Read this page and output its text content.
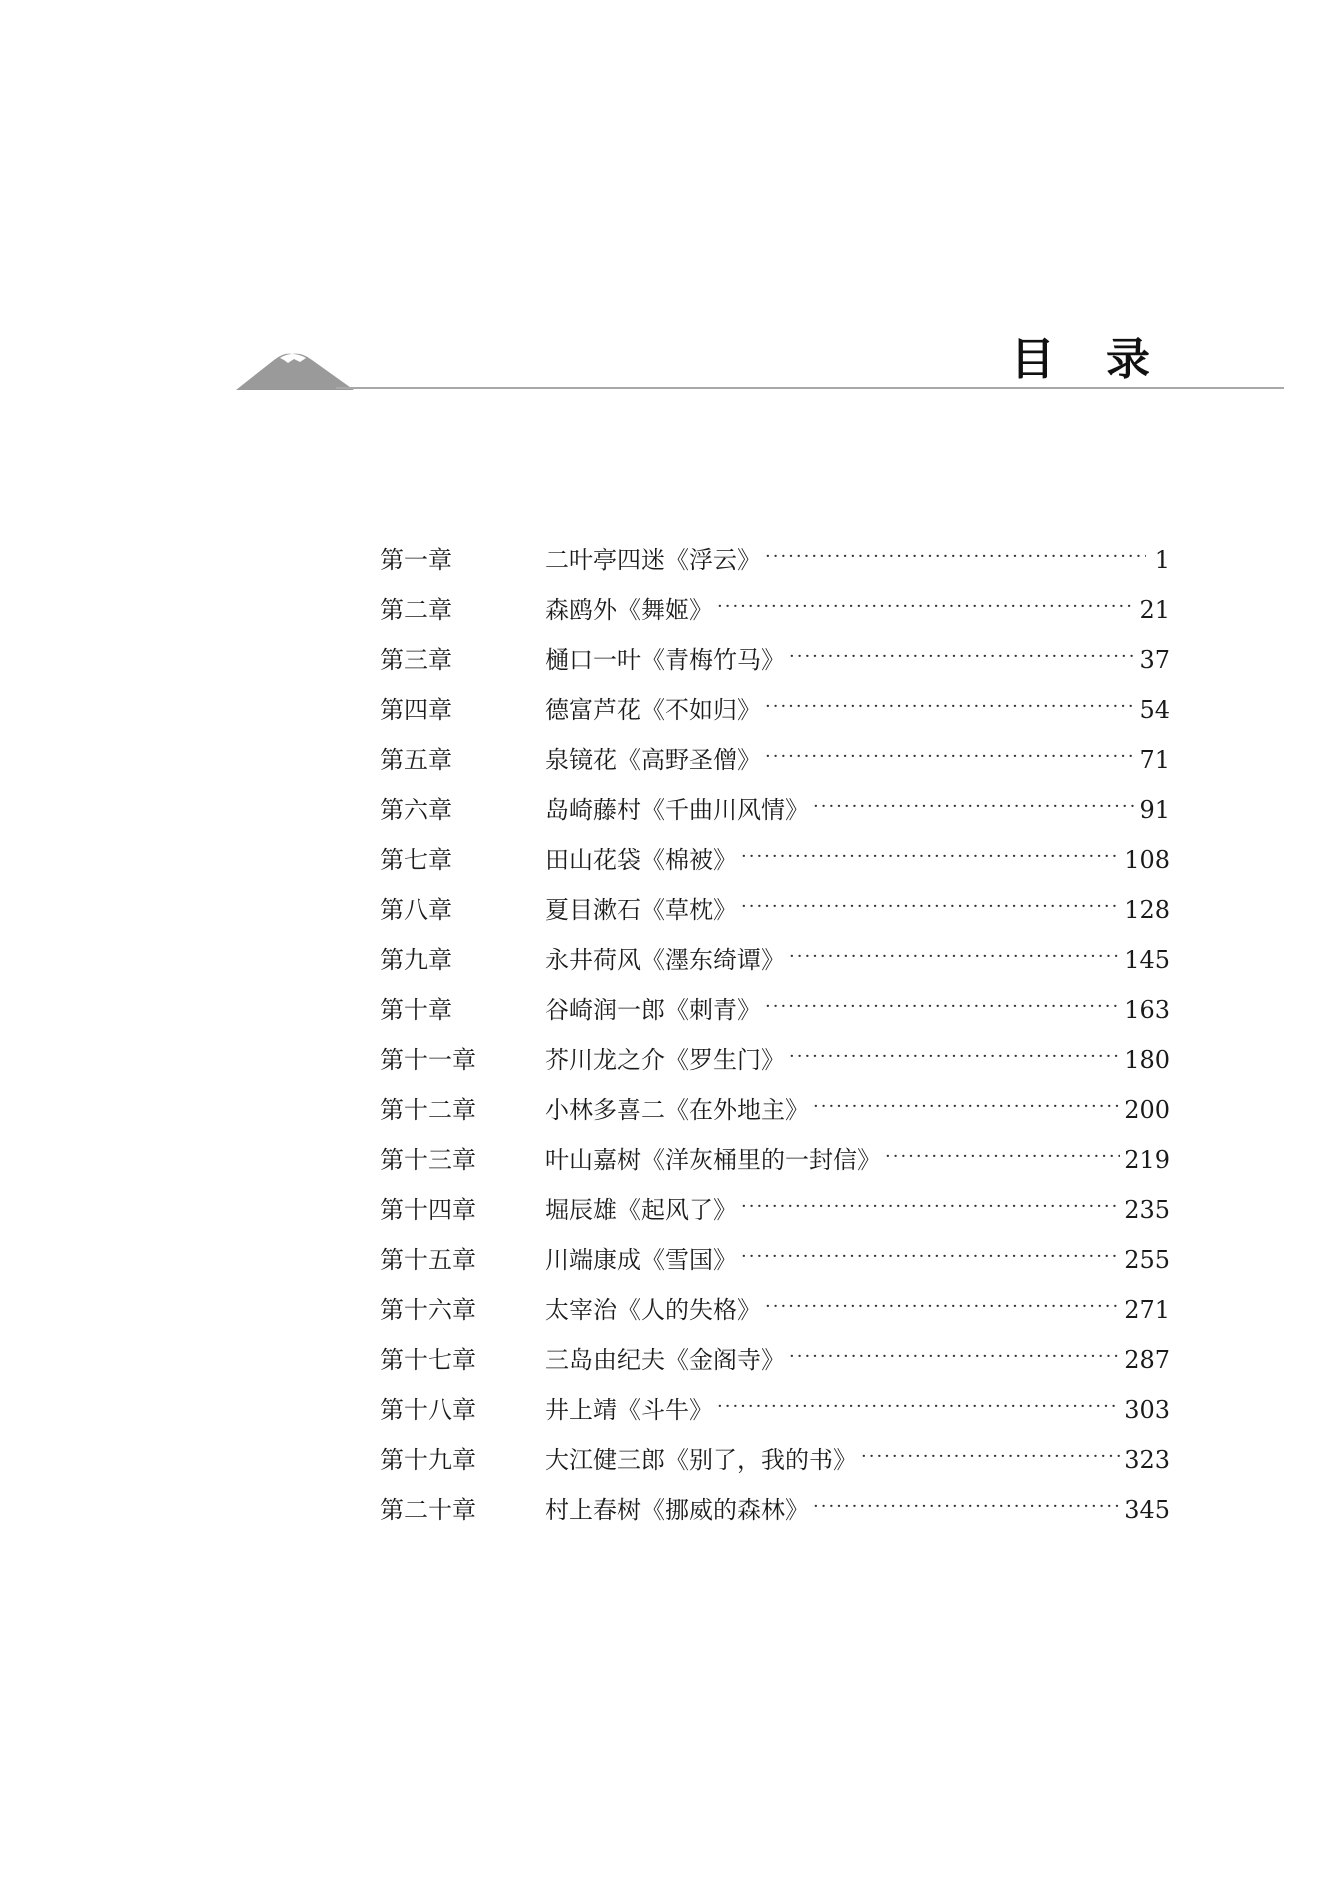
目 录
第一章	二叶亭四迷《浮云》 ·····	1
第二章	森鸥外《舞姬》 ·····	21
第三章	樋口一叶《青梅竹马》 ·····	37
第四章	德富芦花《不如归》 ·····	54
第五章	泉镜花《高野圣僧》 ·····	71
第六章	岛崎藤村《千曲川风情》 ·····	91
第七章	田山花袋《棉被》 ·····	108
第八章	夏目漱石《草枕》 ·····	128
第九章	永井荷风《濹东绮谭》 ·····	145
第十章	谷崎润一郎《刺青》 ·····	163
第十一章	芥川龙之介《罗生门》 ·····	180
第十二章	小林多喜二《在外地主》 ·····	200
第十三章	叶山嘉树《洋灰桶里的一封信》 ·····	219
第十四章	堀辰雄《起风了》 ·····	235
第十五章	川端康成《雪国》 ·····	255
第十六章	太宰治《人的失格》 ·····	271
第十七章	三岛由纪夫《金阁寺》 ·····	287
第十八章	井上靖《斗牛》 ·····	303
第十九章	大江健三郎《别了，我的书》 ·····	323
第二十章	村上春树《挪威的森林》 ·····	345
